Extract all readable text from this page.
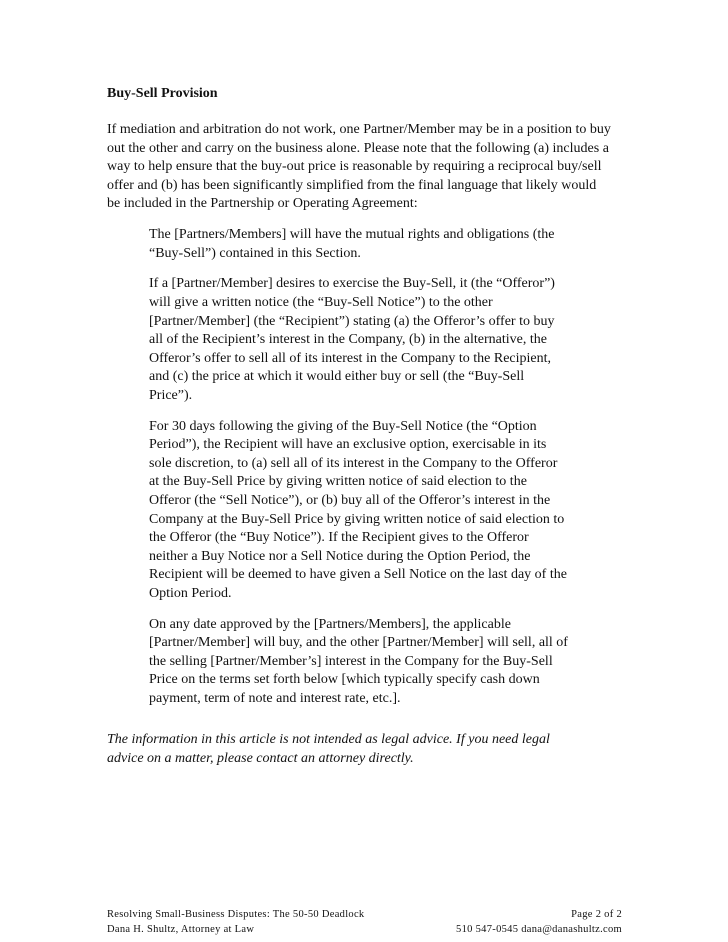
Buy-Sell Provision
If mediation and arbitration do not work, one Partner/Member may be in a position to buy
out the other and carry on the business alone. Please note that the following (a) includes a
way to help ensure that the buy-out price is reasonable by requiring a reciprocal buy/sell
offer and (b) has been significantly simplified from the final language that likely would
be included in the Partnership or Operating Agreement:
The [Partners/Members] will have the mutual rights and obligations (the
“Buy-Sell”) contained in this Section.
If a [Partner/Member] desires to exercise the Buy-Sell, it (the “Offeror”)
will give a written notice (the “Buy-Sell Notice”) to the other
[Partner/Member] (the “Recipient”) stating (a) the Offeror’s offer to buy
all of the Recipient’s interest in the Company, (b) in the alternative, the
Offeror’s offer to sell all of its interest in the Company to the Recipient,
and (c) the price at which it would either buy or sell (the “Buy-Sell
Price”).
For 30 days following the giving of the Buy-Sell Notice (the “Option
Period”), the Recipient will have an exclusive option, exercisable in its
sole discretion, to (a) sell all of its interest in the Company to the Offeror
at the Buy-Sell Price by giving written notice of said election to the
Offeror (the “Sell Notice”), or (b) buy all of the Offeror’s interest in the
Company at the Buy-Sell Price by giving written notice of said election to
the Offeror (the “Buy Notice”). If the Recipient gives to the Offeror
neither a Buy Notice nor a Sell Notice during the Option Period, the
Recipient will be deemed to have given a Sell Notice on the last day of the
Option Period.
On any date approved by the [Partners/Members], the applicable
[Partner/Member] will buy, and the other [Partner/Member] will sell, all of
the selling [Partner/Member’s] interest in the Company for the Buy-Sell
Price on the terms set forth below [which typically specify cash down
payment, term of note and interest rate, etc.].
The information in this article is not intended as legal advice. If you need legal
advice on a matter, please contact an attorney directly.
Resolving Small-Business Disputes: The 50-50 Deadlock	Page 2 of 2
Dana H. Shultz, Attorney at Law	510 547-0545 dana@danashultz.com
